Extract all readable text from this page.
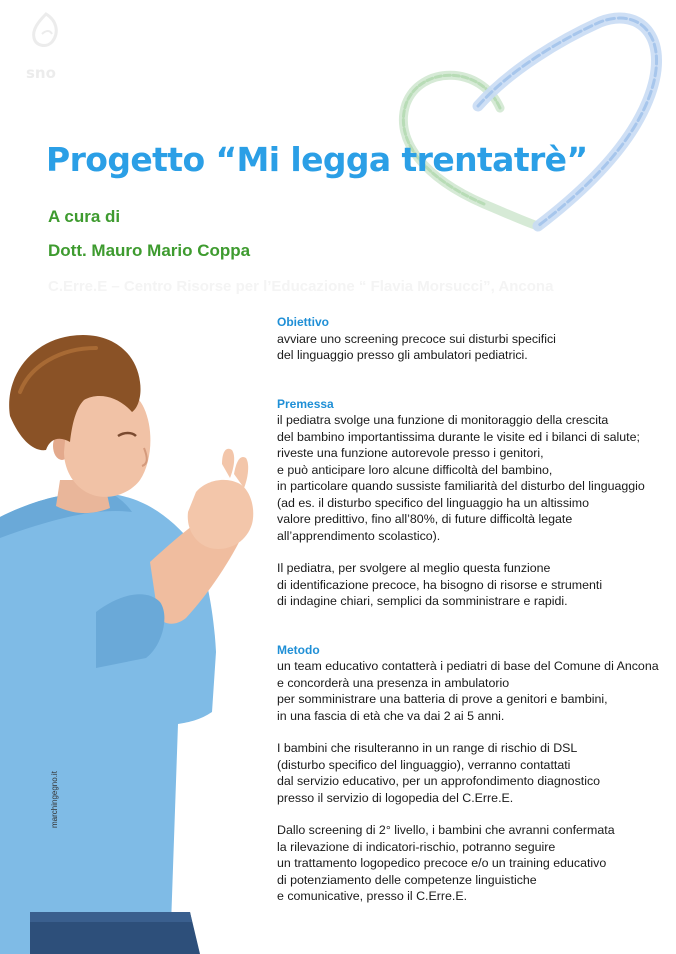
sno
Progetto “Mi legga trentatrè”

A cura di

Dott. Mauro Mario Coppa

C.Erre.E – Centro Risorse per l’Educazione “ Flavia Morsucci”, Ancona

marchingegno.it
Obiettivo
avviare uno screening precoce sui disturbi specifici
del linguaggio presso gli ambulatori pediatrici.
Premessa
il pediatra svolge una funzione di monitoraggio della crescita
del bambino importantissima durante le visite ed i bilanci di salute;
riveste una funzione autorevole presso i genitori,
e può anticipare loro alcune difficoltà del bambino,
in particolare quando sussiste familiarità del disturbo del linguaggio
(ad es. il disturbo specifico del linguaggio ha un altissimo
valore predittivo, fino all’80%, di future difficoltà legate
all’apprendimento scolastico).
Il pediatra, per svolgere al meglio questa funzione
di identificazione precoce, ha bisogno di risorse e strumenti
di indagine chiari, semplici da somministrare e rapidi.
Metodo
un team educativo contatterà i pediatri di base del Comune di Ancona
e concorderà una presenza in ambulatorio
per somministrare una batteria di prove a genitori e bambini,
in una fascia di età che va dai 2 ai 5 anni.
I bambini che risulteranno in un range di rischio di DSL
(disturbo specifico del linguaggio), verranno contattati
dal servizio educativo, per un approfondimento diagnostico
presso il servizio di logopedia del C.Erre.E.
Dallo screening di 2° livello, i bambini che avranni confermata
la rilevazione di indicatori-rischio, potranno seguire
un trattamento logopedico precoce e/o un training educativo
di potenziamento delle competenze linguistiche
e comunicative, presso il C.Erre.E.
